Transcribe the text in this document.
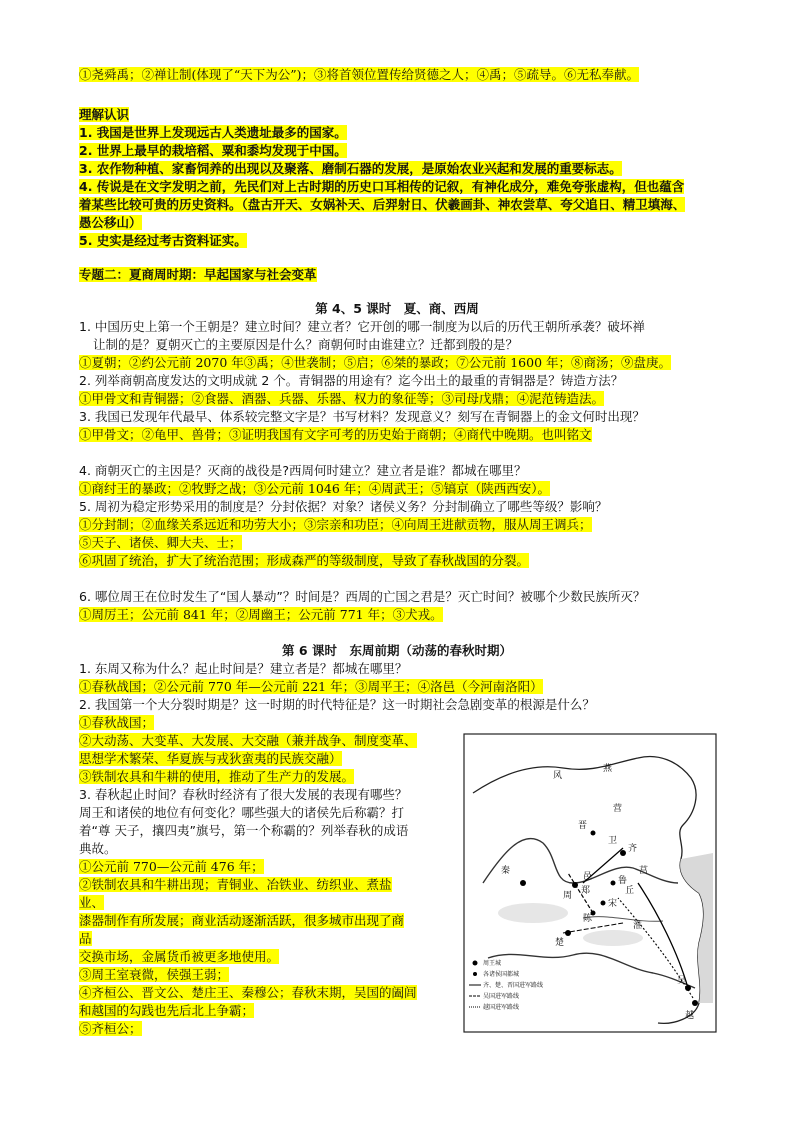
①尧舜禹；②禅让制(体现了“天下为公”)；③将首领位置传给贤德之人；④禹；⑤疏导。⑥无私奉献。
理解认识
1. 我国是世界上发现远古人类遗址最多的国家。
2. 世界上最早的栽培稻、粟和黍均发现于中国。
3. 农作物种植、家畜饲养的出现以及聚落、磨制石器的发展，是原始农业兴起和发展的重要标志。
4. 传说是在文字发明之前，先民们对上古时期的历史口耳相传的记叙，有神化成分，难免夸张虚构，但也蕴含
着某些比较可贵的历史资料。（盘古开天、女娲补天、后羿射日、伏羲画卦、神农尝草、夸父追日、精卫填海、
愚公移山）
5. 史实是经过考古资料证实。
专题二：夏商周时期：早起国家与社会变革
第 4、5 课时　夏、商、西周
1. 中国历史上第一个王朝是？建立时间？建立者？它开创的哪一制度为以后的历代王朝所承袭？破坏禅
让制的是？夏朝灭亡的主要原因是什么？商朝何时由谁建立？迁都到殷的是？
①夏朝；②约公元前 2070 年③禹；④世袭制；⑤启；⑥桀的暴政；⑦公元前 1600 年；⑧商汤；⑨盘庚。
2. 列举商朝高度发达的文明成就 2 个。青铜器的用途有？迄今出土的最重的青铜器是？铸造方法？
①甲骨文和青铜器；②食器、酒器、兵器、乐器、权力的象征等；③司母戊鼎；④泥范铸造法。
3. 我国已发现年代最早、体系较完整文字是？书写材料？发现意义？刻写在青铜器上的金文何时出现？
①甲骨文；②龟甲、兽骨；③证明我国有文字可考的历史始于商朝；④商代中晚期。也叫铭文
4. 商朝灭亡的主因是？灭商的战役是?西周何时建立？建立者是谁？都城在哪里？
①商纣王的暴政；②牧野之战；③公元前 1046 年；④周武王；⑤镐京（陕西西安）。
5. 周初为稳定形势采用的制度是？分封依据？对象？诸侯义务？分封制确立了哪些等级？影响？
①分封制；②血缘关系远近和功劳大小；③宗亲和功臣；④向周王进献贡物，服从周王调兵；
⑤天子、诸侯、卿大夫、士；
⑥巩固了统治，扩大了统治范围；形成森严的等级制度，导致了春秋战国的分裂。
6. 哪位周王在位时发生了“国人暴动”？时间是？西周的亡国之君是？灭亡时间？被哪个少数民族所灭？
①周厉王；公元前 841 年；②周幽王；公元前 771 年；③犬戎。
第 6 课时　东周前期（动荡的春秋时期）
1. 东周又称为什么？起止时间是？建立者是？都城在哪里？
①春秋战国；②公元前 770 年—公元前 221 年；③周平王；④洛邑（今河南洛阳）
2. 我国第一个大分裂时期是？这一时期的时代特征是？这一时期社会急剧变革的根源是什么？
①春秋战国；
②大动荡、大变革、大发展、大交融（兼并战争、制度变革、
思想学术繁荣、华夏族与戎狄蛮夷的民族交融）
③铁制农具和牛耕的使用，推动了生产力的发展。
3. 春秋起止时间？春秋时经济有了很大发展的表现有哪些？
周王和诸侯的地位有何变化？哪些强大的诸侯先后称霸？打
着“尊 天子，攘四夷”旗号，第一个称霸的？列举春秋的成语
典故。
①公元前 770—公元前 476 年；
②铁制农具和牛耕出现；青铜业、冶铁业、纺织业、煮盐
业、
漆器制作有所发展；商业活动逐渐活跃，很多城市出现了商
品
交换市场，金属货币被更多地使用。
③周王室衰微，侯强王弱；
④齐桓公、晋文公、楚庄王、秦穆公；春秋末期，吴国的阖闾
和越国的勾践也先后北上争霸；
⑤齐桓公；
风
燕
晋
卫
鲁
齐
秦
周 郑
宋
陈
楚
吴
越
莒
邑
营
丘
淮
周王城
各诸侯国都城
齐、楚、晋国进军路线
吴国进军路线
越国进军路线
